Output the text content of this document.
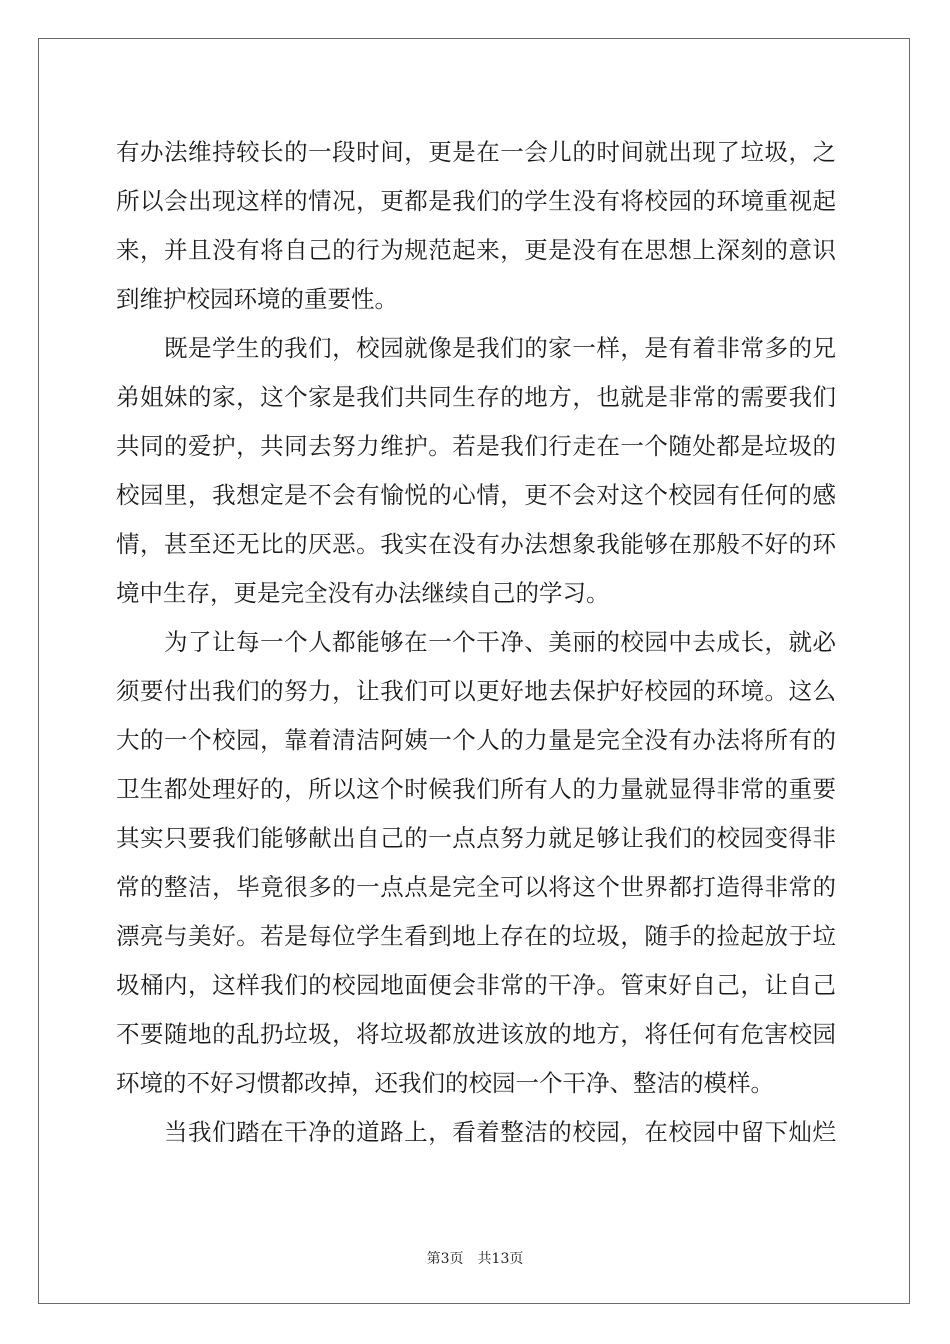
有办法维持较长的一段时间，更是在一会儿的时间就出现了垃圾，之
所以会出现这样的情况，更都是我们的学生没有将校园的环境重视起
来，并且没有将自己的行为规范起来，更是没有在思想上深刻的意识
到维护校园环境的重要性。
既是学生的我们，校园就像是我们的家一样，是有着非常多的兄
弟姐妹的家，这个家是我们共同生存的地方，也就是非常的需要我们
共同的爱护，共同去努力维护。若是我们行走在一个随处都是垃圾的
校园里，我想定是不会有愉悦的心情，更不会对这个校园有任何的感
情，甚至还无比的厌恶。我实在没有办法想象我能够在那般不好的环
境中生存，更是完全没有办法继续自己的学习。
为了让每一个人都能够在一个干净、美丽的校园中去成长，就必
须要付出我们的努力，让我们可以更好地去保护好校园的环境。这么
大的一个校园，靠着清洁阿姨一个人的力量是完全没有办法将所有的
卫生都处理好的，所以这个时候我们所有人的力量就显得非常的重要
其实只要我们能够献出自己的一点点努力就足够让我们的校园变得非
常的整洁，毕竟很多的一点点是完全可以将这个世界都打造得非常的
漂亮与美好。若是每位学生看到地上存在的垃圾，随手的捡起放于垃
圾桶内，这样我们的校园地面便会非常的干净。管束好自己，让自己
不要随地的乱扔垃圾，将垃圾都放进该放的地方，将任何有危害校园
环境的不好习惯都改掉，还我们的校园一个干净、整洁的模样。
当我们踏在干净的道路上，看着整洁的校园，在校园中留下灿烂
第3页 共13页
